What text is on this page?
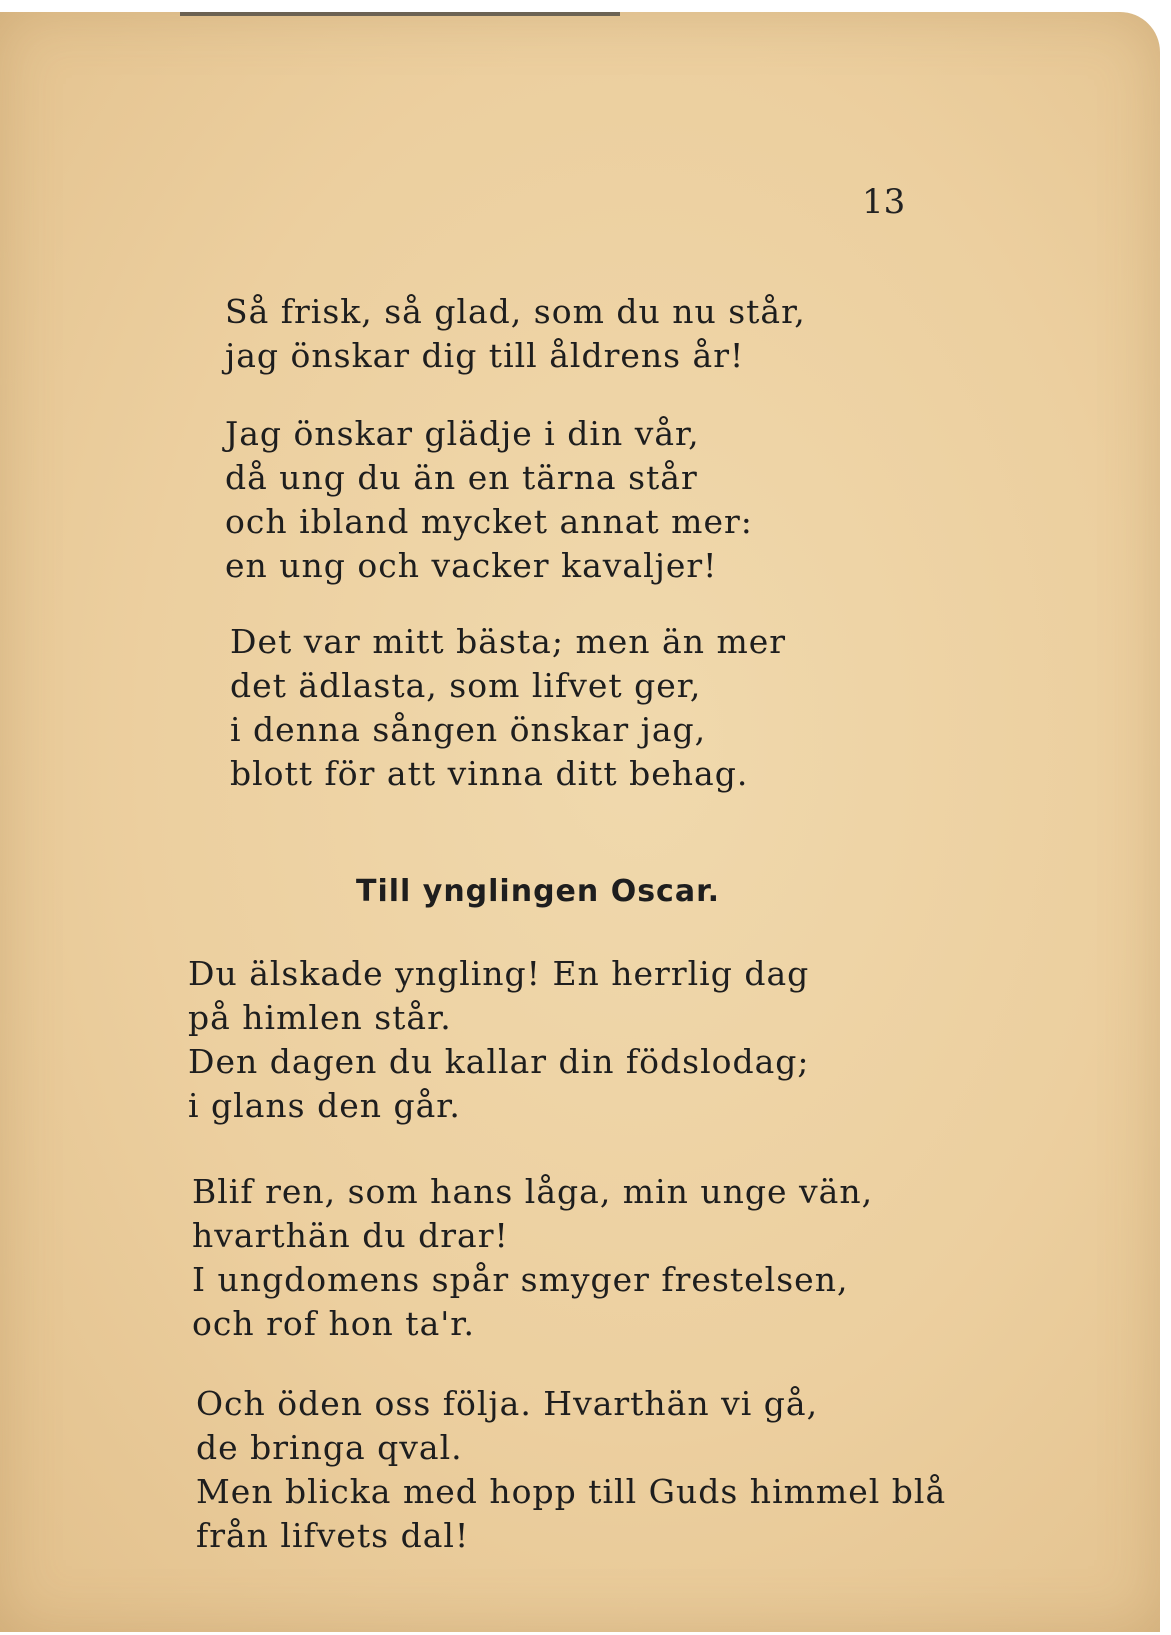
13
Så frisk, så glad, som du nu står,
jag önskar dig till åldrens år!
Jag önskar glädje i din vår,
då ung du än en tärna står
och ibland mycket annat mer:
en ung och vacker kavaljer!
Det var mitt bästa; men än mer
det ädlasta, som lifvet ger,
i denna sången önskar jag,
blott för att vinna ditt behag.
Till ynglingen Oscar.
Du älskade yngling! En herrlig dag
på himlen står.
Den dagen du kallar din födslodag;
i glans den går.
Blif ren, som hans låga, min unge vän,
hvarthän du drar!
I ungdomens spår smyger frestelsen,
och rof hon ta'r.
Och öden oss följa. Hvarthän vi gå,
de bringa qval.
Men blicka med hopp till Guds himmel blå
från lifvets dal!
